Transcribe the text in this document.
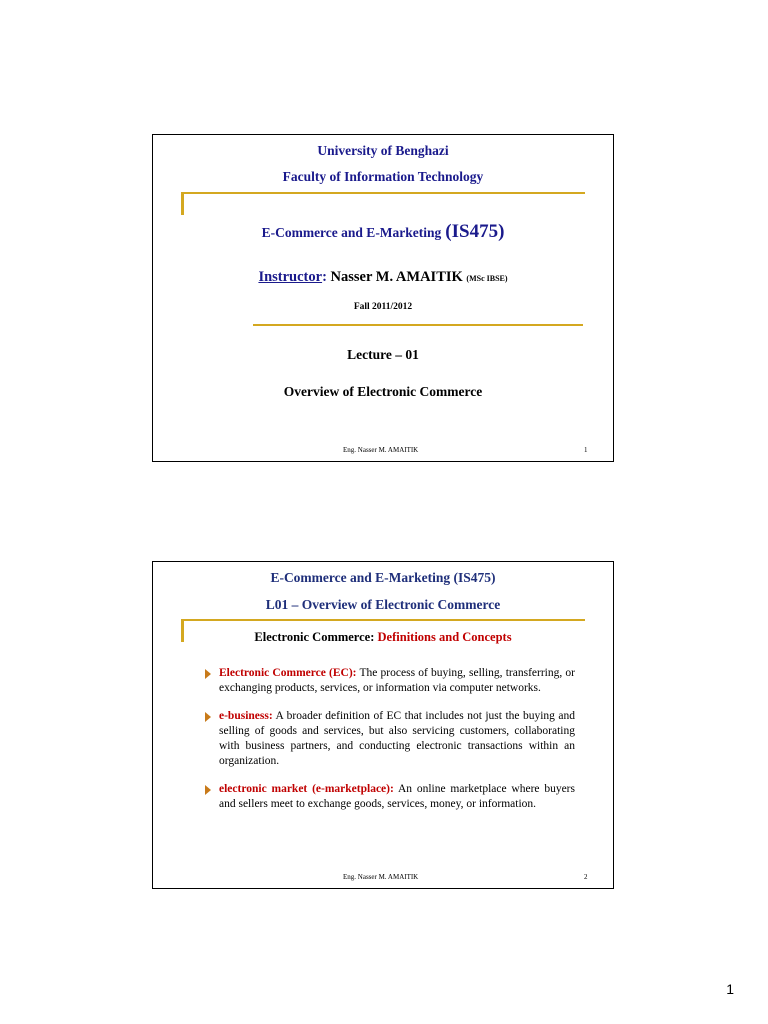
University of Benghazi
Faculty of Information Technology
E-Commerce and E-Marketing (IS475)
Instructor: Nasser M. AMAITIK (MSc IBSE)
Fall 2011/2012
Lecture – 01
Overview of Electronic Commerce
Eng. Nasser M. AMAITIK	1
E-Commerce and E-Marketing (IS475)
L01 – Overview of Electronic Commerce
Electronic Commerce: Definitions and Concepts
Electronic Commerce (EC): The process of buying, selling, transferring, or exchanging products, services, or information via computer networks.
e-business: A broader definition of EC that includes not just the buying and selling of goods and services, but also servicing customers, collaborating with business partners, and conducting electronic transactions within an organization.
electronic market (e-marketplace): An online marketplace where buyers and sellers meet to exchange goods, services, money, or information.
Eng. Nasser M. AMAITIK	2
1
